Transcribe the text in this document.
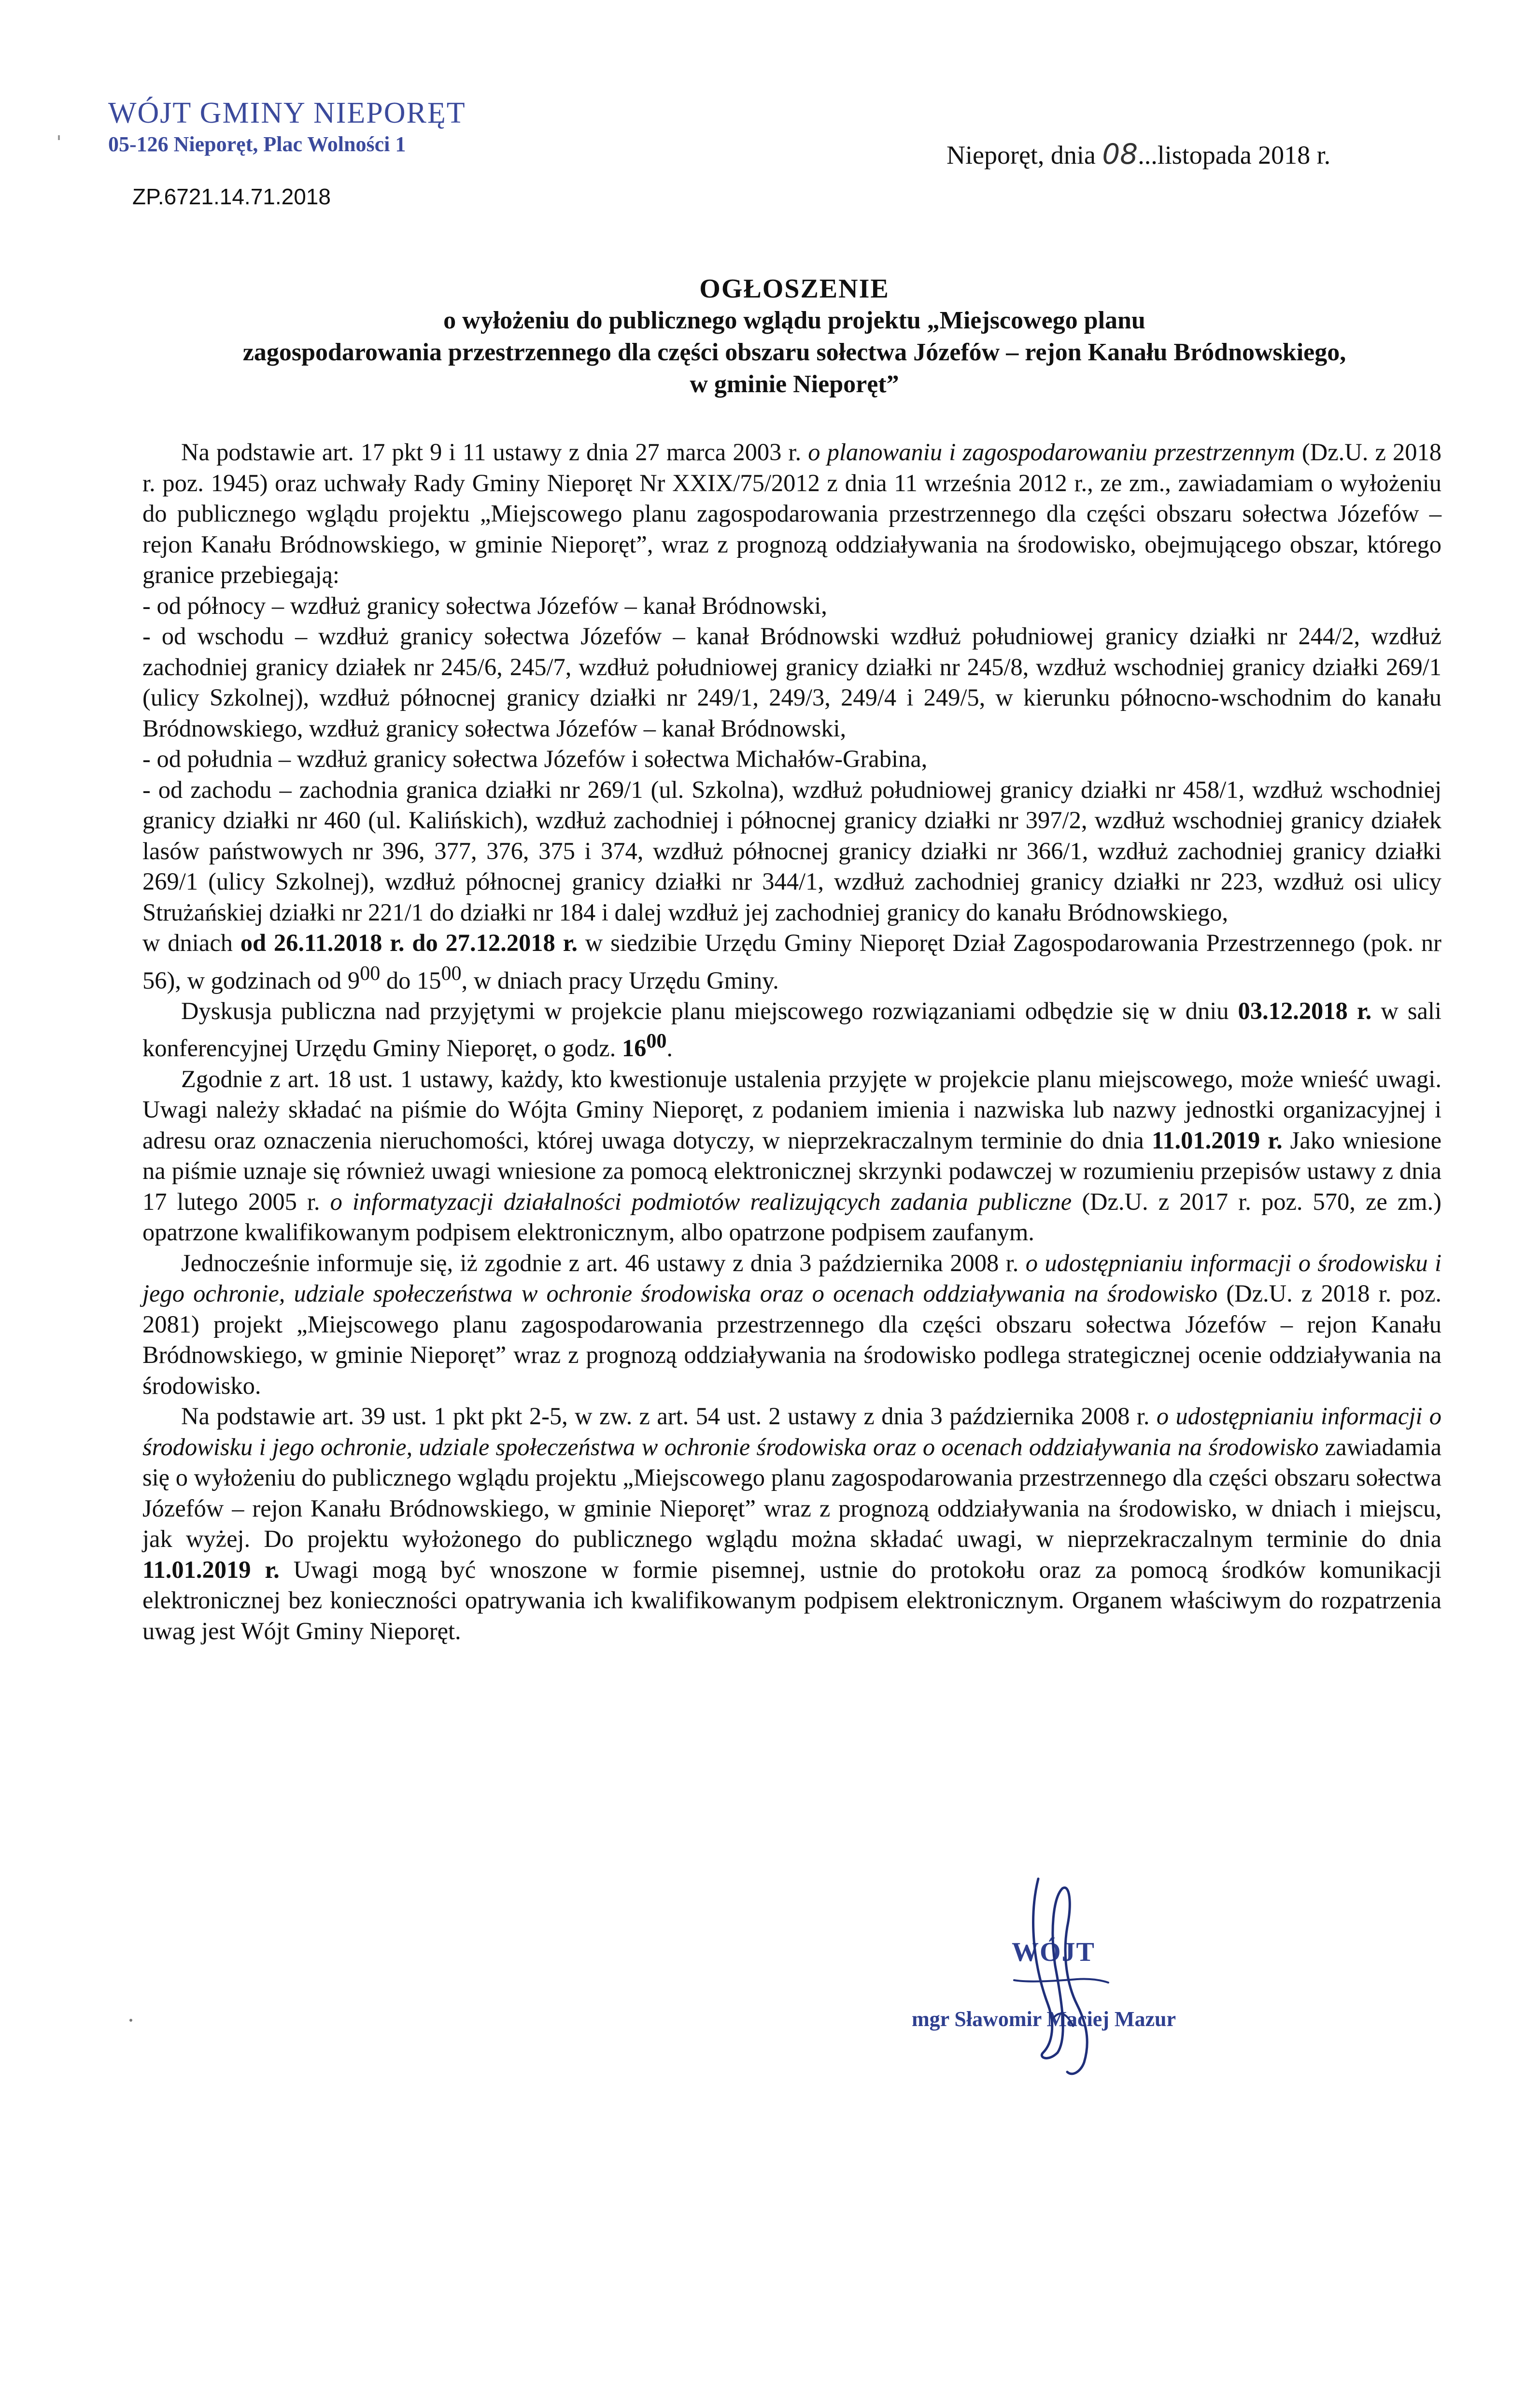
WÓJT GMINY NIEPORĘT
05-126 Nieporęt, Plac Wolności 1	Nieporęt, dnia 08...listopada 2018 r.
ZP.6721.14.71.2018
OGŁOSZENIE
o wyłożeniu do publicznego wglądu projektu „Miejscowego planu
zagospodarowania przestrzennego dla części obszaru sołectwa Józefów – rejon Kanału Bródnowskiego,
w gminie Nieporęt”

Na podstawie art. 17 pkt 9 i 11 ustawy z dnia 27 marca 2003 r. o planowaniu i zagospodarowaniu przestrzennym (Dz.U. z 2018 r. poz. 1945) oraz uchwały Rady Gminy Nieporęt Nr XXIX/75/2012 z dnia 11 września 2012 r., ze zm., zawiadamiam o wyłożeniu do publicznego wglądu projektu „Miejscowego planu zagospodarowania przestrzennego dla części obszaru sołectwa Józefów – rejon Kanału Bródnowskiego, w gminie Nieporęt”, wraz z prognozą oddziaływania na środowisko, obejmującego obszar, którego granice przebiegają:

- od północy – wzdłuż granicy sołectwa Józefów – kanał Bródnowski,

- od wschodu – wzdłuż granicy sołectwa Józefów – kanał Bródnowski wzdłuż południowej granicy działki nr 244/2, wzdłuż zachodniej granicy działek nr 245/6, 245/7, wzdłuż południowej granicy działki nr 245/8, wzdłuż wschodniej granicy działki 269/1 (ulicy Szkolnej), wzdłuż północnej granicy działki nr 249/1, 249/3, 249/4 i 249/5, w kierunku północno-wschodnim do kanału Bródnowskiego, wzdłuż granicy sołectwa Józefów – kanał Bródnowski,

- od południa – wzdłuż granicy sołectwa Józefów i sołectwa Michałów-Grabina,

- od zachodu – zachodnia granica działki nr 269/1 (ul. Szkolna), wzdłuż południowej granicy działki nr 458/1, wzdłuż wschodniej granicy działki nr 460 (ul. Kalińskich), wzdłuż zachodniej i północnej granicy działki nr 397/2, wzdłuż wschodniej granicy działek lasów państwowych nr 396, 377, 376, 375 i 374, wzdłuż północnej granicy działki nr 366/1, wzdłuż zachodniej granicy działki 269/1 (ulicy Szkolnej), wzdłuż północnej granicy działki nr 344/1, wzdłuż zachodniej granicy działki nr 223, wzdłuż osi ulicy Strużańskiej działki nr 221/1 do działki nr 184 i dalej wzdłuż jej zachodniej granicy do kanału Bródnowskiego,

w dniach od 26.11.2018 r. do 27.12.2018 r. w siedzibie Urzędu Gminy Nieporęt Dział Zagospodarowania Przestrzennego (pok. nr 56), w godzinach od $9^{00}$ do $15^{00}$, w dniach pracy Urzędu Gminy.

Dyskusja publiczna nad przyjętymi w projekcie planu miejscowego rozwiązaniami odbędzie się w dniu 03.12.2018 r. w sali konferencyjnej Urzędu Gminy Nieporęt, o godz. $16^{00}$.

Zgodnie z art. 18 ust. 1 ustawy, każdy, kto kwestionuje ustalenia przyjęte w projekcie planu miejscowego, może wnieść uwagi. Uwagi należy składać na piśmie do Wójta Gminy Nieporęt, z podaniem imienia i nazwiska lub nazwy jednostki organizacyjnej i adresu oraz oznaczenia nieruchomości, której uwaga dotyczy, w nieprzekraczalnym terminie do dnia 11.01.2019 r. Jako wniesione na piśmie uznaje się również uwagi wniesione za pomocą elektronicznej skrzynki podawczej w rozumieniu przepisów ustawy z dnia 17 lutego 2005 r. o informatyzacji działalności podmiotów realizujących zadania publiczne (Dz.U. z 2017 r. poz. 570, ze zm.) opatrzone kwalifikowanym podpisem elektronicznym, albo opatrzone podpisem zaufanym.

Jednocześnie informuje się, iż zgodnie z art. 46 ustawy z dnia 3 października 2008 r. o udostępnianiu informacji o środowisku i jego ochronie, udziale społeczeństwa w ochronie środowiska oraz o ocenach oddziaływania na środowisko (Dz.U. z 2018 r. poz. 2081) projekt „Miejscowego planu zagospodarowania przestrzennego dla części obszaru sołectwa Józefów – rejon Kanału Bródnowskiego, w gminie Nieporęt” wraz z prognozą oddziaływania na środowisko podlega strategicznej ocenie oddziaływania na środowisko.

Na podstawie art. 39 ust. 1 pkt pkt 2-5, w zw. z art. 54 ust. 2 ustawy z dnia 3 października 2008 r. o udostępnianiu informacji o środowisku i jego ochronie, udziale społeczeństwa w ochronie środowiska oraz o ocenach oddziaływania na środowisko zawiadamia się o wyłożeniu do publicznego wglądu projektu „Miejscowego planu zagospodarowania przestrzennego dla części obszaru sołectwa Józefów – rejon Kanału Bródnowskiego, w gminie Nieporęt” wraz z prognozą oddziaływania na środowisko, w dniach i miejscu, jak wyżej. Do projektu wyłożonego do publicznego wglądu można składać uwagi, w nieprzekraczalnym terminie do dnia 11.01.2019 r. Uwagi mogą być wnoszone w formie pisemnej, ustnie do protokołu oraz za pomocą środków komunikacji elektronicznej bez konieczności opatrywania ich kwalifikowanym podpisem elektronicznym. Organem właściwym do rozpatrzenia uwag jest Wójt Gminy Nieporęt.

WÓJT
mgr Sławomir Maciej Mazur
